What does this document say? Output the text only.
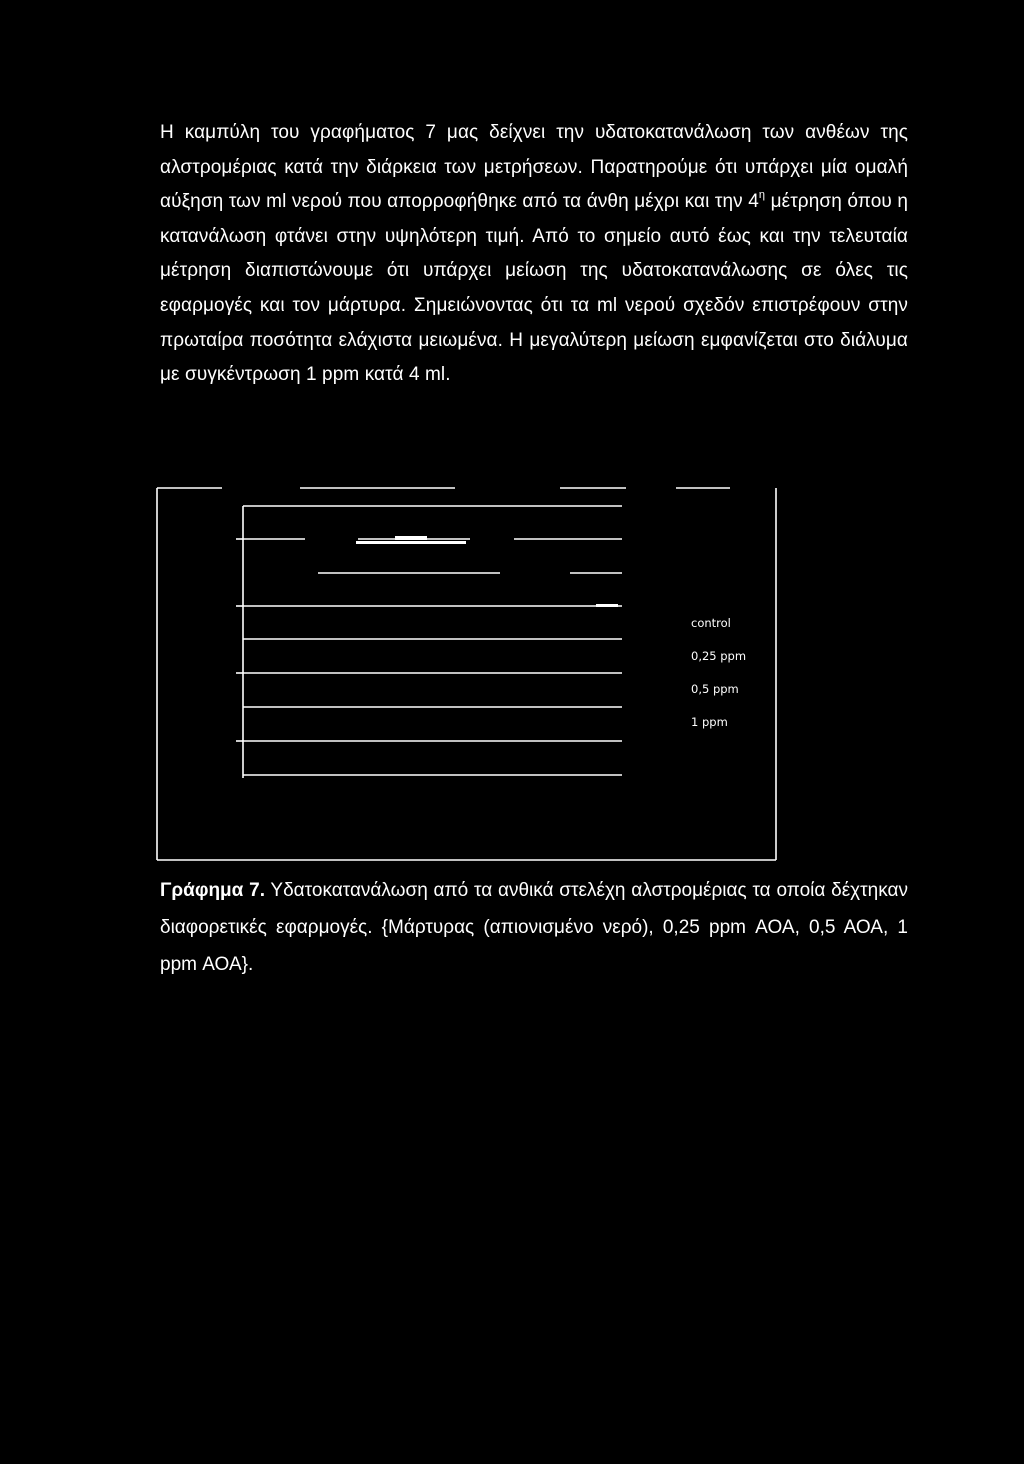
Η καμπύλη του γραφήματος 7 μας δείχνει την υδατοκατανάλωση των ανθέων της αλστρομέριας κατά την διάρκεια των μετρήσεων. Παρατηρούμε ότι υπάρχει μία ομαλή αύξηση των ml νερού που απορροφήθηκε από τα άνθη μέχρι και την $4^\eta$ μέτρηση όπου η κατανάλωση φτάνει στην υψηλότερη τιμή. Από το σημείο αυτό έως και την τελευταία μέτρηση διαπιστώνουμε ότι υπάρχει μείωση της υδατοκατανάλωσης σε όλες τις εφαρμογές και τον μάρτυρα. Σημειώνοντας ότι τα ml νερού σχεδόν επιστρέφουν στην πρωταίρα ποσότητα ελάχιστα μειωμένα. Η μεγαλύτερη μείωση εμφανίζεται στο διάλυμα με συγκέντρωση 1 ppm κατά 4 ml.

control
0,25 ppm
0,5 ppm
1 ppm

Γράφημα 7. Υδατοκατανάλωση από τα ανθικά στελέχη αλστρομέριας τα οποία δέχτηκαν διαφορετικές εφαρμογές. {Μάρτυρας (απιονισμένο νερό), 0,25 ppm ΑΟΑ, 0,5 ΑΟΑ, 1 ppm ΑΟΑ}.
